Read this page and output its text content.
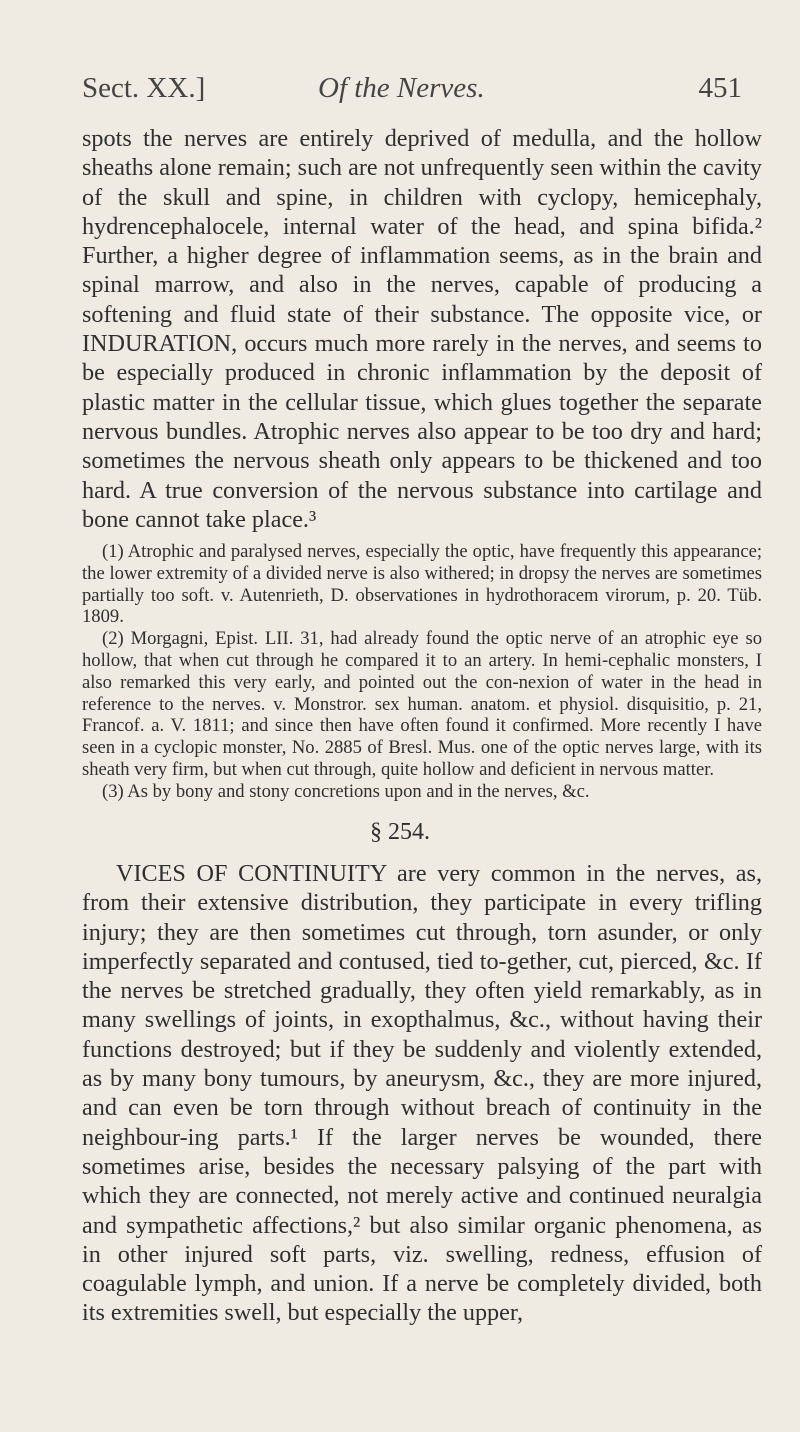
Sect. XX.]	Of the Nerves.	451

spots the nerves are entirely deprived of medulla, and the hollow sheaths alone remain; such are not unfrequently seen within the cavity of the skull and spine, in children with cyclopy, hemicephaly, hydrencephalocele, internal water of the head, and spina bifida.² Further, a higher degree of inflammation seems, as in the brain and spinal marrow, and also in the nerves, capable of producing a softening and fluid state of their substance. The opposite vice, or INDURATION, occurs much more rarely in the nerves, and seems to be especially produced in chronic inflammation by the deposit of plastic matter in the cellular tissue, which glues together the separate nervous bundles. Atrophic nerves also appear to be too dry and hard; sometimes the nervous sheath only appears to be thickened and too hard. A true conversion of the nervous substance into cartilage and bone cannot take place.³

(1) Atrophic and paralysed nerves, especially the optic, have frequently this appearance; the lower extremity of a divided nerve is also withered; in dropsy the nerves are sometimes partially too soft. v. Autenrieth, D. observationes in hydrothoracem virorum, p. 20. Tüb. 1809.

(2) Morgagni, Epist. LII. 31, had already found the optic nerve of an atrophic eye so hollow, that when cut through he compared it to an artery. In hemi-cephalic monsters, I also remarked this very early, and pointed out the con-nexion of water in the head in reference to the nerves. v. Monstror. sex human. anatom. et physiol. disquisitio, p. 21, Francof. a. V. 1811; and since then have often found it confirmed. More recently I have seen in a cyclopic monster, No. 2885 of Bresl. Mus. one of the optic nerves large, with its sheath very firm, but when cut through, quite hollow and deficient in nervous matter.

(3) As by bony and stony concretions upon and in the nerves, &c.

§ 254.

VICES OF CONTINUITY are very common in the nerves, as, from their extensive distribution, they participate in every trifling injury; they are then sometimes cut through, torn asunder, or only imperfectly separated and contused, tied to-gether, cut, pierced, &c. If the nerves be stretched gradually, they often yield remarkably, as in many swellings of joints, in exopthalmus, &c., without having their functions destroyed; but if they be suddenly and violently extended, as by many bony tumours, by aneurysm, &c., they are more injured, and can even be torn through without breach of continuity in the neighbour-ing parts.¹ If the larger nerves be wounded, there sometimes arise, besides the necessary palsying of the part with which they are connected, not merely active and continued neuralgia and sympathetic affections,² but also similar organic phenomena, as in other injured soft parts, viz. swelling, redness, effusion of coagulable lymph, and union. If a nerve be completely divided, both its extremities swell, but especially the upper,
